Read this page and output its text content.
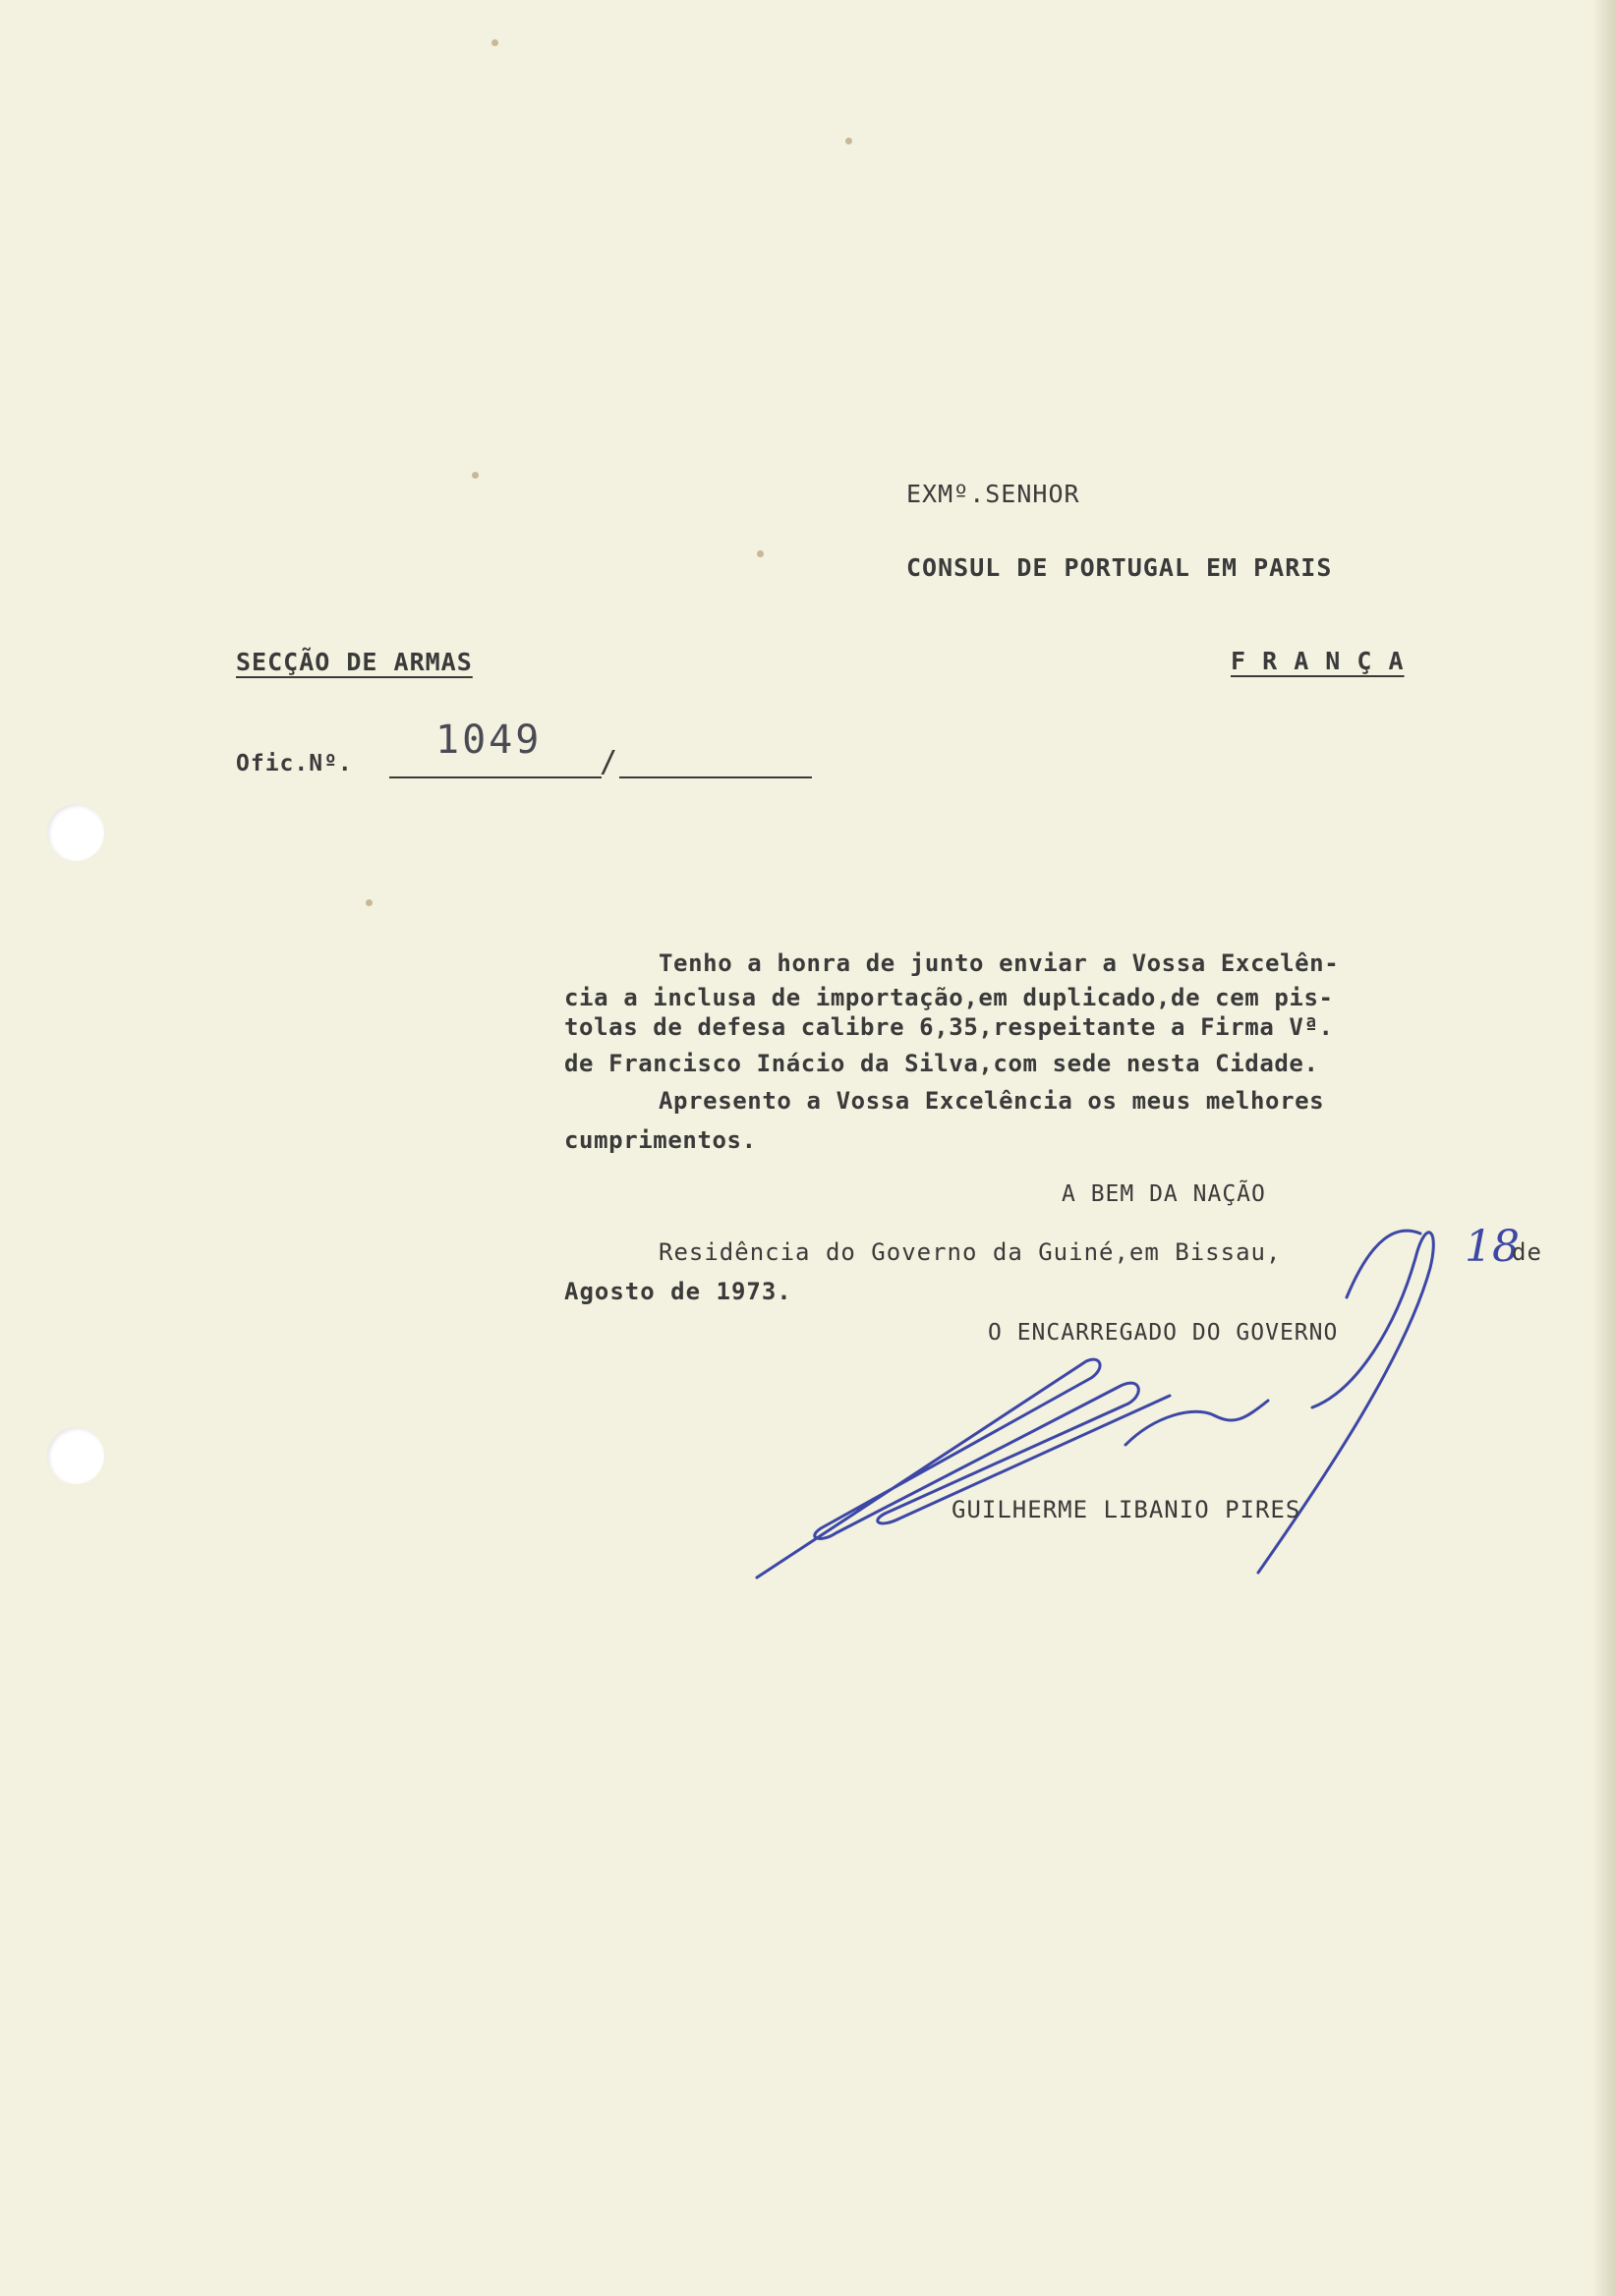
EXMº.SENHOR
CONSUL DE PORTUGAL EM PARIS
SECÇÃO DE ARMAS	F R A N Ç A
Ofic.Nº.
1049 /
Tenho a honra de junto enviar a Vossa Excelên-
cia a inclusa de importação,em duplicado,de cem pis-
tolas de defesa calibre 6,35,respeitante a Firma Vª.
de Francisco Inácio da Silva,com sede nesta Cidade.
Apresento a Vossa Excelência os meus melhores
cumprimentos.
A BEM DA NAÇÃO
Residência do Governo da Guiné,em Bissau,	18
de
Agosto de 1973.
O ENCARREGADO DO GOVERNO
GUILHERME LIBANIO PIRES
